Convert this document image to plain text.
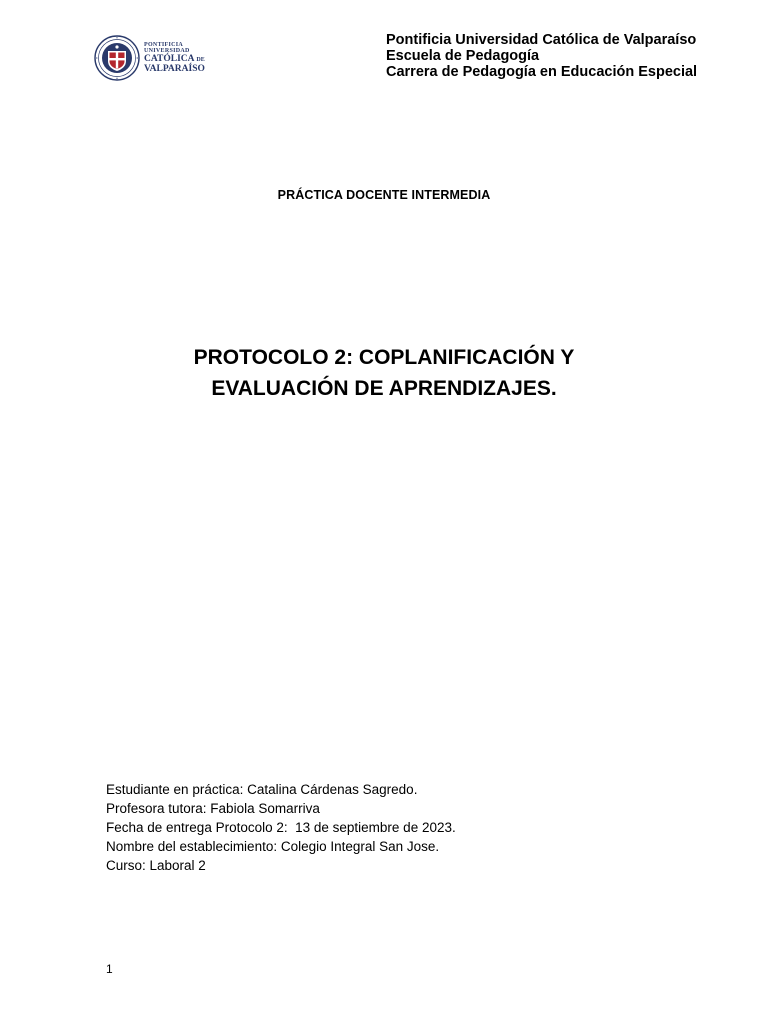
PONTIFICIA
UNIVERSIDAD
CATÓLICA DE
VALPARAÍSO
Pontificia Universidad Católica de Valparaíso
Escuela de Pedagogía
Carrera de Pedagogía en Educación Especial
PRÁCTICA DOCENTE INTERMEDIA
PROTOCOLO 2: COPLANIFICACIÓN Y
EVALUACIÓN DE APRENDIZAJES.
Estudiante en práctica: Catalina Cárdenas Sagredo.
Profesora tutora: Fabiola Somarriva
Fecha de entrega Protocolo 2:  13 de septiembre de 2023.
Nombre del establecimiento: Colegio Integral San Jose.
Curso: Laboral 2
1
